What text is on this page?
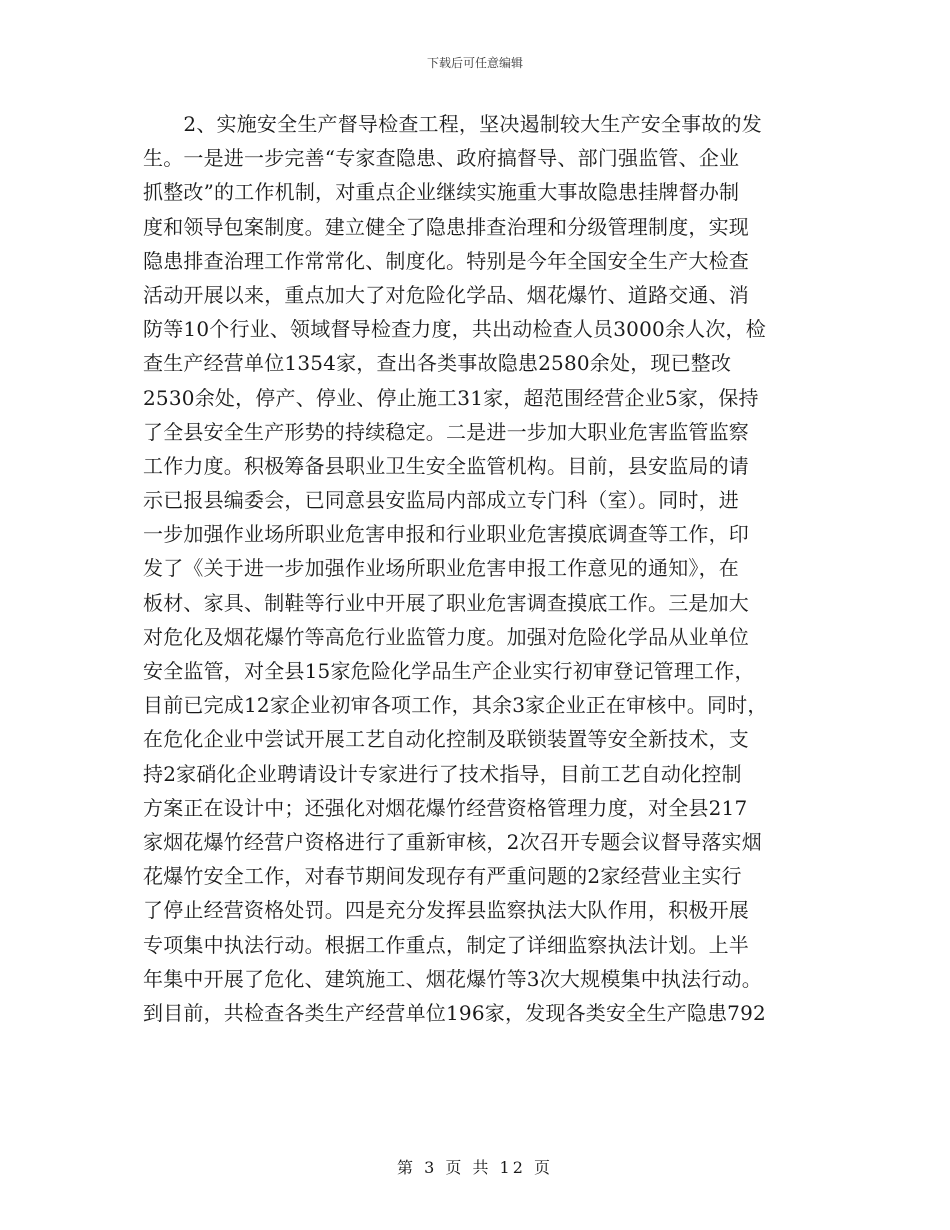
下载后可任意编辑
　　2、实施安全生产督导检查工程，坚决遏制较大生产安全事故的发
生。一是进一步完善“专家查隐患、政府搞督导、部门强监管、企业
抓整改”的工作机制，对重点企业继续实施重大事故隐患挂牌督办制
度和领导包案制度。建立健全了隐患排查治理和分级管理制度，实现
隐患排查治理工作常常化、制度化。特别是今年全国安全生产大检查
活动开展以来，重点加大了对危险化学品、烟花爆竹、道路交通、消
防等10个行业、领域督导检查力度，共出动检查人员3000余人次，检
查生产经营单位1354家，查出各类事故隐患2580余处，现已整改
2530余处，停产、停业、停止施工31家，超范围经营企业5家，保持
了全县安全生产形势的持续稳定。二是进一步加大职业危害监管监察
工作力度。积极筹备县职业卫生安全监管机构。目前，县安监局的请
示已报县编委会，已同意县安监局内部成立专门科（室）。同时，进
一步加强作业场所职业危害申报和行业职业危害摸底调查等工作，印
发了《关于进一步加强作业场所职业危害申报工作意见的通知》，在
板材、家具、制鞋等行业中开展了职业危害调查摸底工作。三是加大
对危化及烟花爆竹等高危行业监管力度。加强对危险化学品从业单位
安全监管，对全县15家危险化学品生产企业实行初审登记管理工作，
目前已完成12家企业初审各项工作，其余3家企业正在审核中。同时，
在危化企业中尝试开展工艺自动化控制及联锁装置等安全新技术，支
持2家硝化企业聘请设计专家进行了技术指导，目前工艺自动化控制
方案正在设计中；还强化对烟花爆竹经营资格管理力度，对全县217
家烟花爆竹经营户资格进行了重新审核，2次召开专题会议督导落实烟
花爆竹安全工作，对春节期间发现存有严重问题的2家经营业主实行
了停止经营资格处罚。四是充分发挥县监察执法大队作用，积极开展
专项集中执法行动。根据工作重点，制定了详细监察执法计划。上半
年集中开展了危化、建筑施工、烟花爆竹等3次大规模集中执法行动。
到目前，共检查各类生产经营单位196家，发现各类安全生产隐患792
第 3 页 共 12 页
